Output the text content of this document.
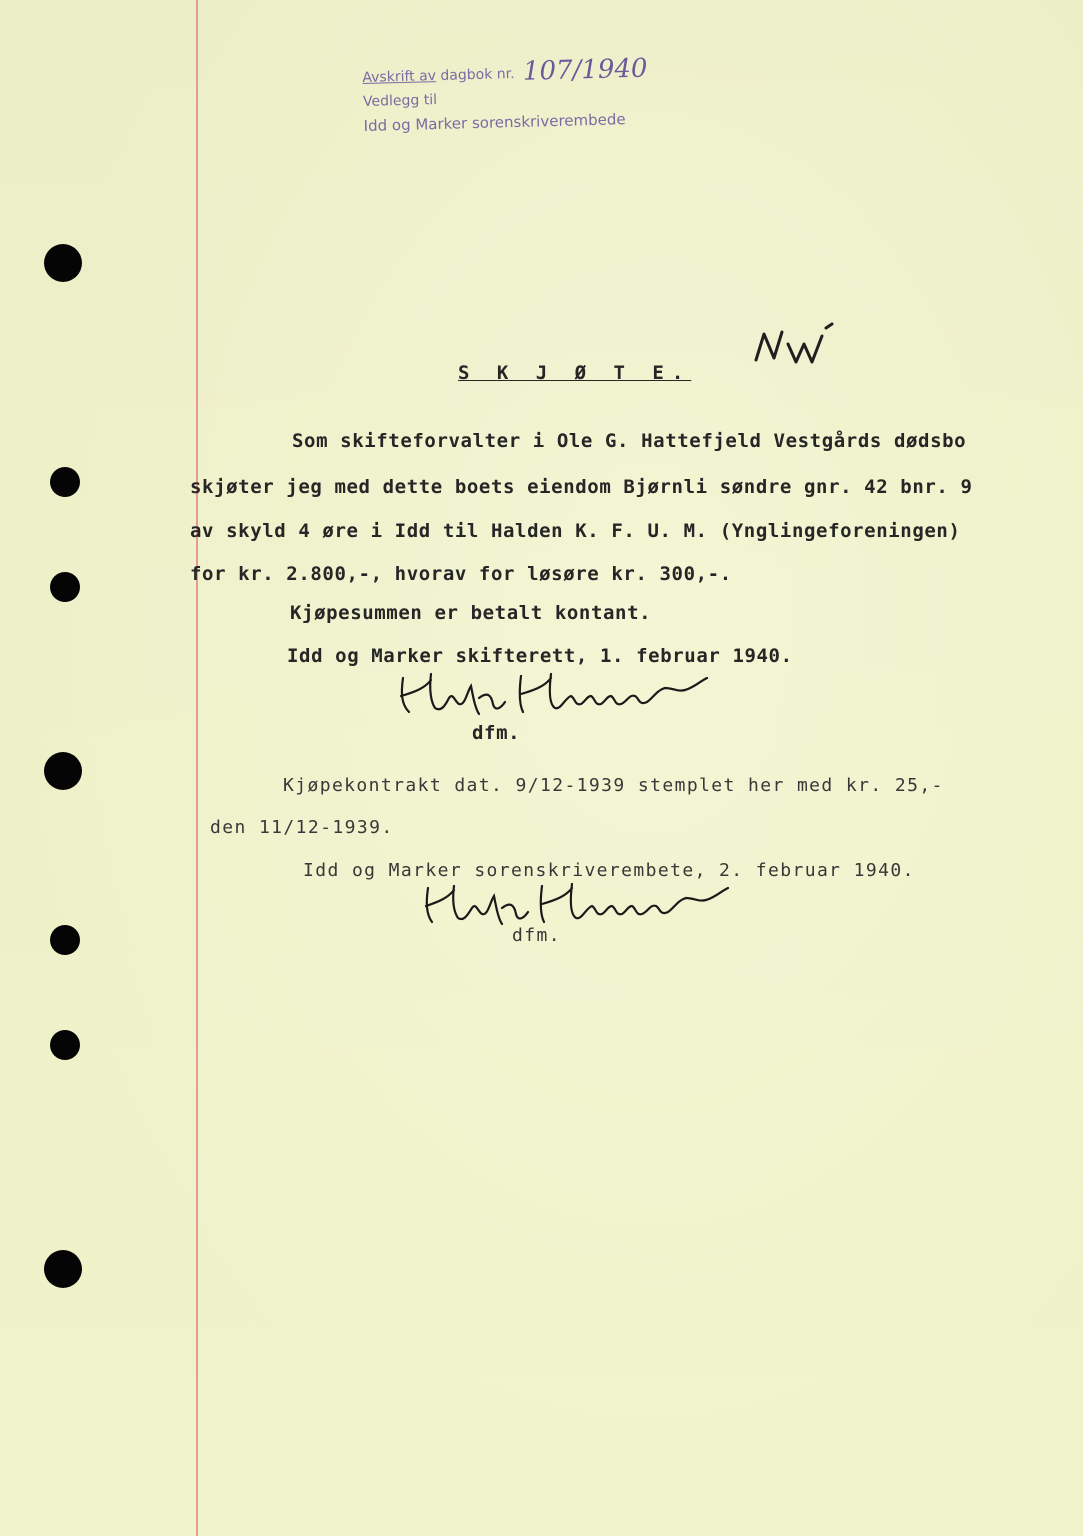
Avskrift av dagbok nr. 107/1940
Vedlegg til
Idd og Marker sorenskriverembede
S K J Ø T E.
Som skifteforvalter i Ole G. Hattefjeld Vestgårds dødsbo
skjøter jeg med dette boets eiendom Bjørnli søndre gnr. 42 bnr. 9
av skyld 4 øre i Idd til Halden K. F. U. M. (Ynglingeforeningen)
for kr. 2.800,-, hvorav for løsøre kr. 300,-.
Kjøpesummen er betalt kontant.
Idd og Marker skifterett, 1. februar 1940.
dfm.
Kjøpekontrakt dat. 9/12-1939 stemplet her med kr. 25,-
den 11/12-1939.
Idd og Marker sorenskriverembete, 2. februar 1940.
dfm.
